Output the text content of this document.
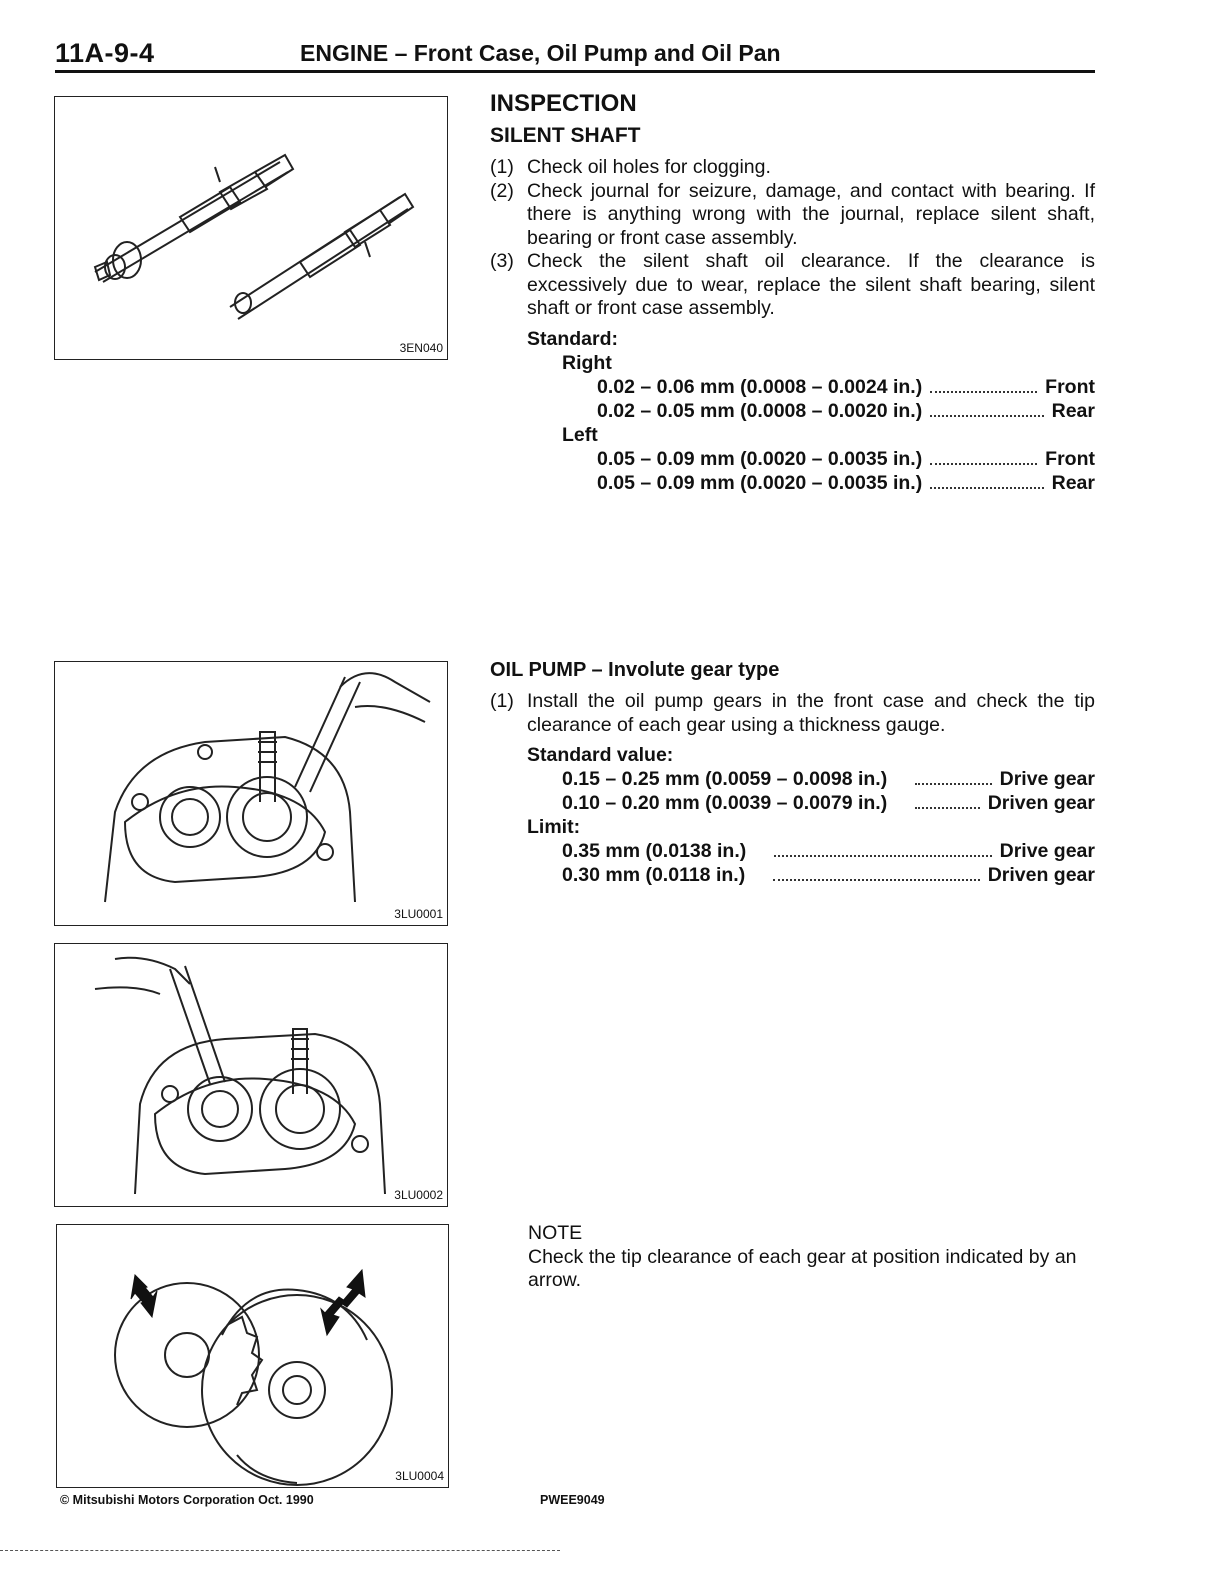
11A-9-4	ENGINE – Front Case, Oil Pump and Oil Pan
3EN040
INSPECTION
SILENT SHAFT
(1) Check oil holes for clogging.
(2) Check journal for seizure, damage, and contact with bearing. If there is anything wrong with the journal, replace silent shaft, bearing or front case assembly.
(3) Check the silent shaft oil clearance. If the clearance is excessively due to wear, replace the silent shaft bearing, silent shaft or front case assembly.
Standard:
Right
0.02 – 0.06 mm (0.0008 – 0.0024 in.)	Front
0.02 – 0.05 mm (0.0008 – 0.0020 in.)	Rear
Left
0.05 – 0.09 mm (0.0020 – 0.0035 in.)	Front
0.05 – 0.09 mm (0.0020 – 0.0035 in.)	Rear
3LU0001
OIL PUMP – Involute gear type
(1) Install the oil pump gears in the front case and check the tip clearance of each gear using a thickness gauge.
Standard value:
0.15 – 0.25 mm (0.0059 – 0.0098 in.)	Drive gear
0.10 – 0.20 mm (0.0039 – 0.0079 in.)	Driven gear
Limit:
0.35 mm (0.0138 in.)	Drive gear
0.30 mm (0.0118 in.)	Driven gear
3LU0002
3LU0004
NOTE
Check the tip clearance of each gear at position indicated by an arrow.
© Mitsubishi Motors Corporation Oct. 1990	PWEE9049
